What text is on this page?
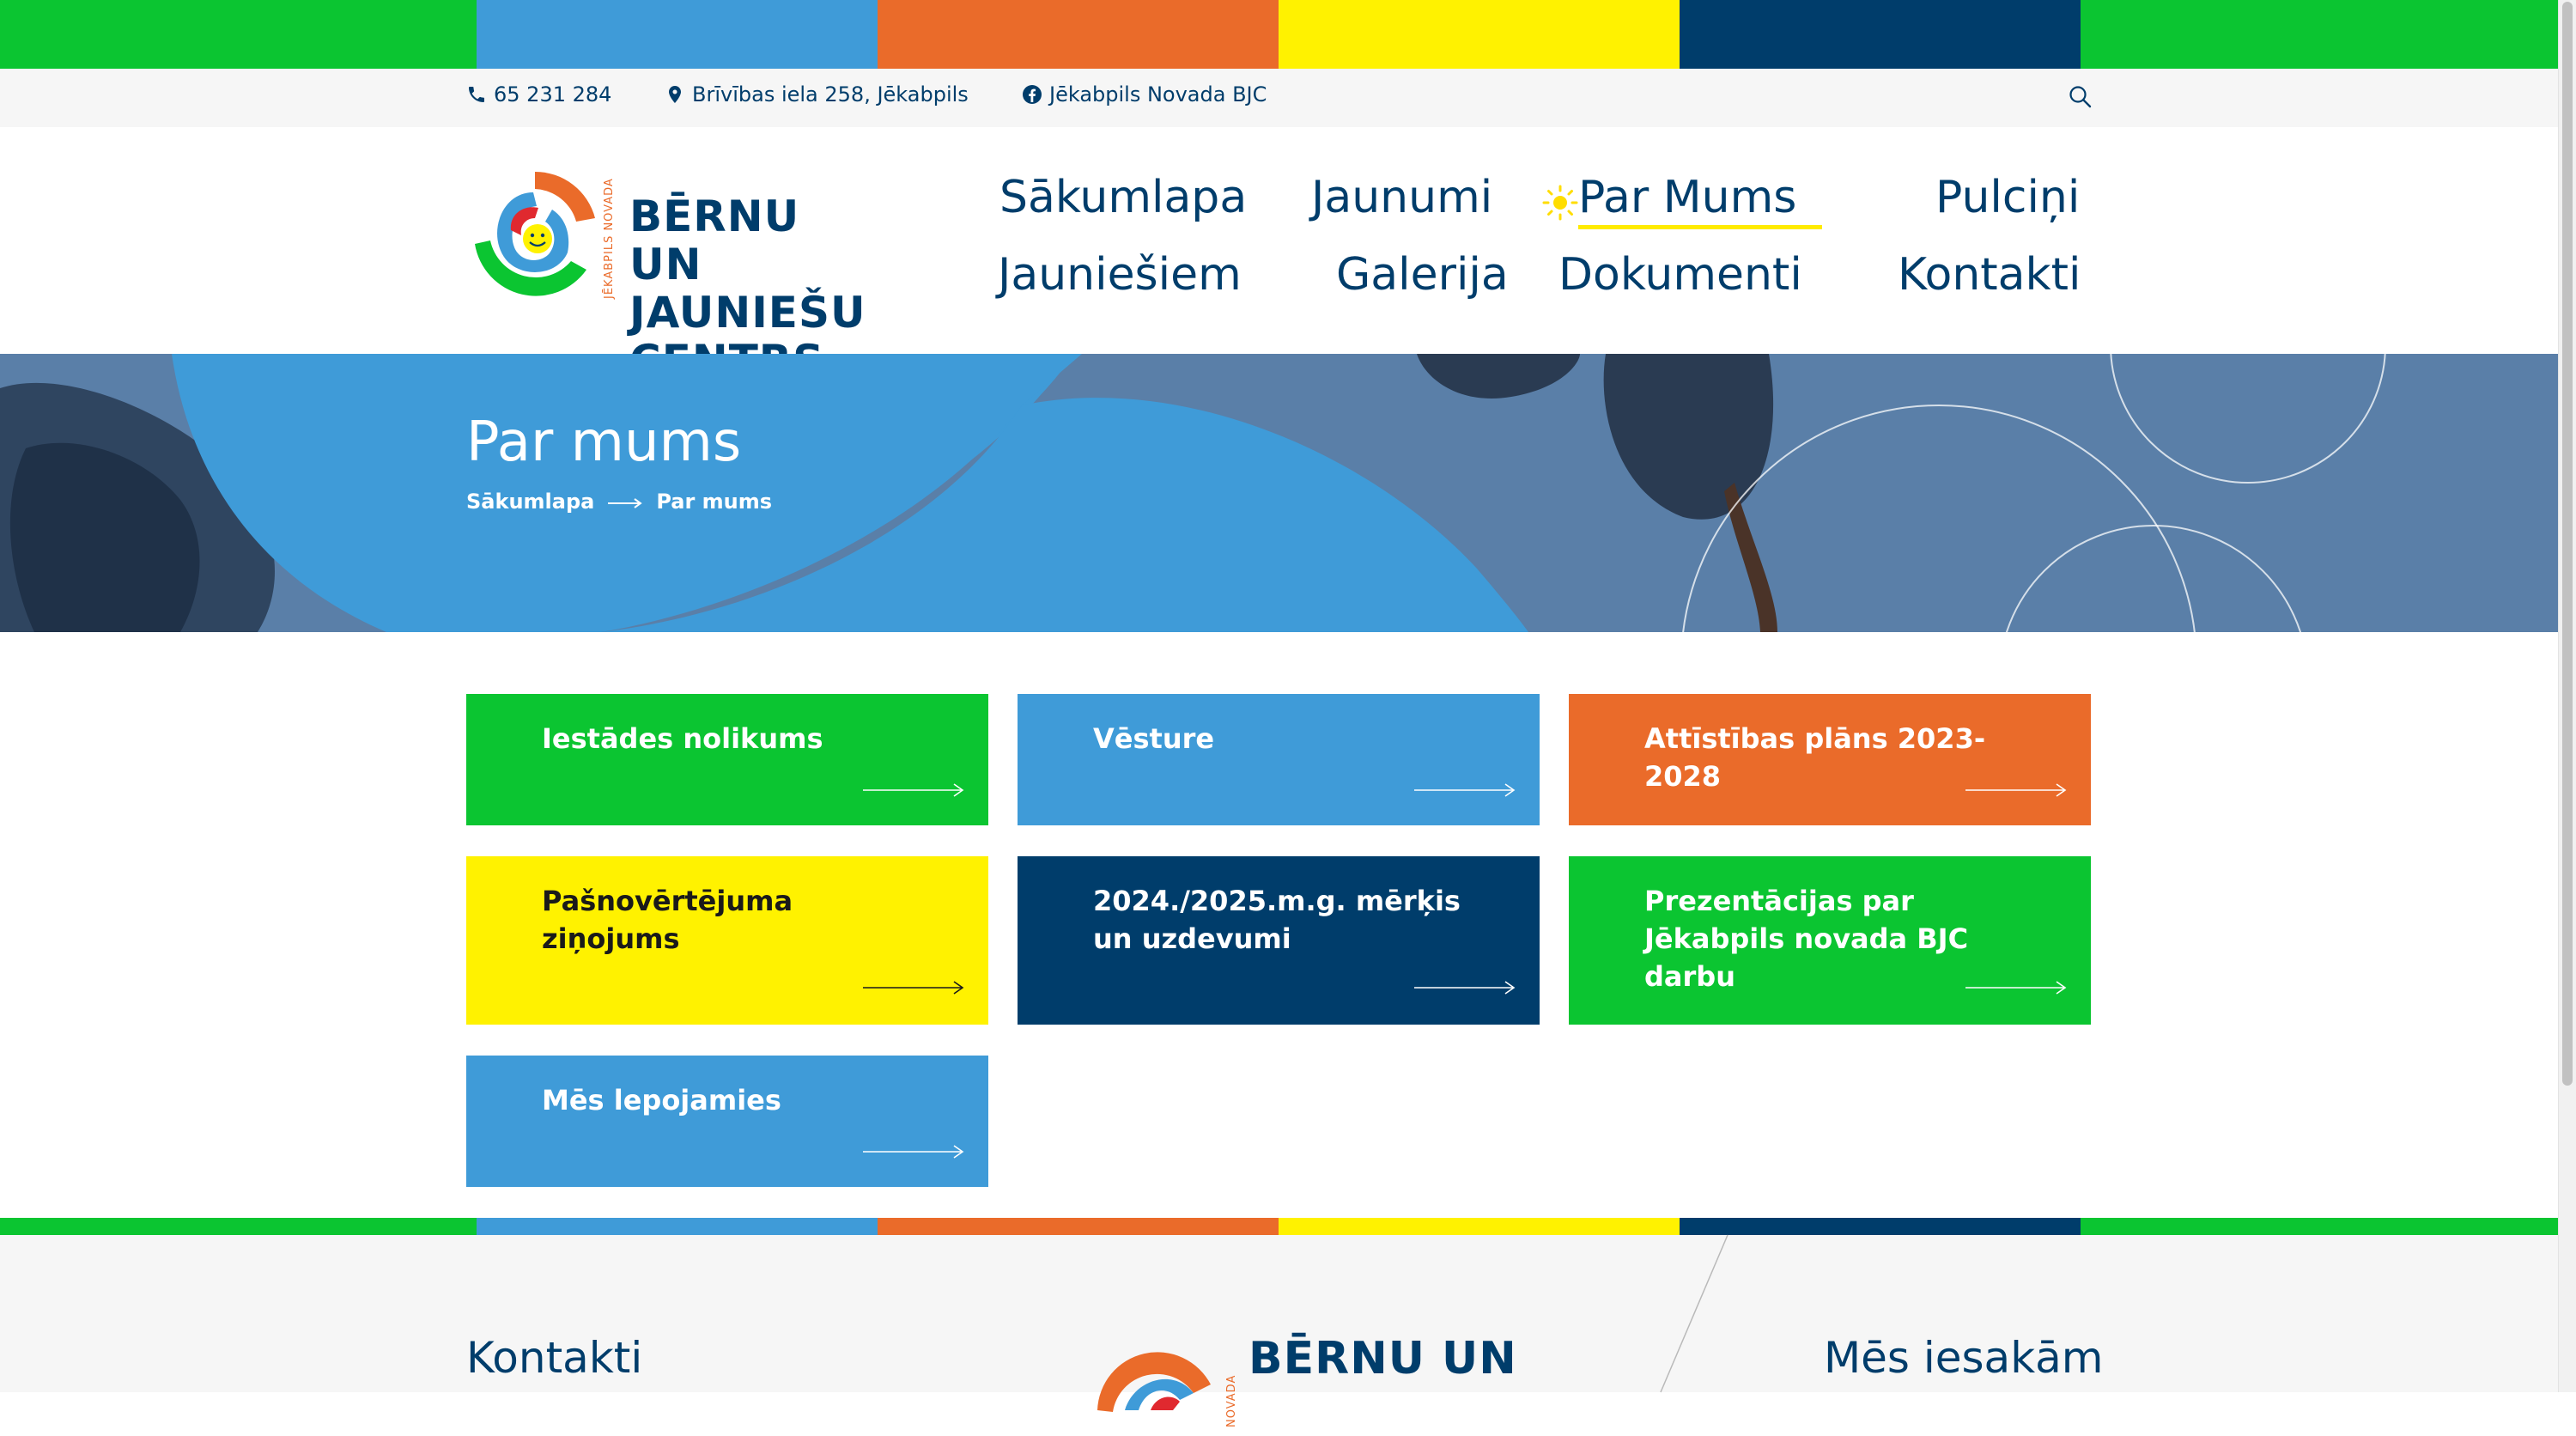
65 231 284	Brīvības iela 258, Jēkabpils	Jēkabpils Novada BJC
JĒKABPILS NOVADA BĒRNU UN
JAUNIEŠU
Sākumlapa Jaunumi Par Mums	Pulciņi
Jauniešiem Galerija Dokumenti Kontakti
Par mums
Sākumlapa	Par mums
Iestādes nolikums	Vēsture	Attīstības plāns 2023-2028
Pašnovērtējuma ziņojums
2024./2025.m.g. mērķis un uzdevumi
Prezentācijas par Jēkabpils novada BJC darbu
Mēs lepojamies
Kontakti
NOVADA
BĒRNU UN	Mēs iesakām
